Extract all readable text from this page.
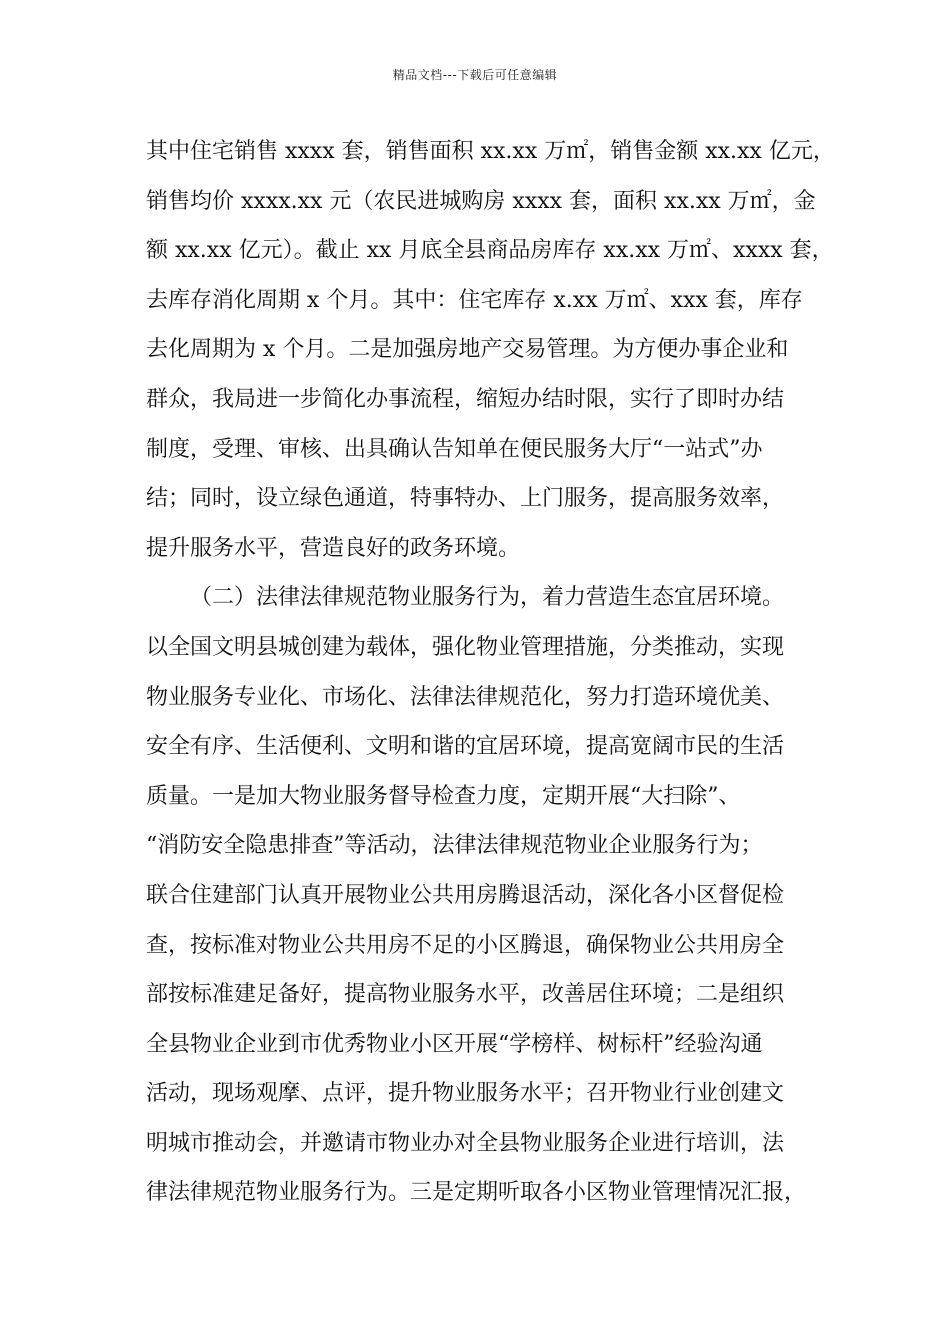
精品文档---下载后可任意编辑
其中住宅销售 xxxx 套，销售面积 xx.xx 万㎡，销售金额 xx.xx 亿元，
销售均价 xxxx.xx 元（农民进城购房 xxxx 套，面积 xx.xx 万㎡，金
额 xx.xx 亿元）。截止 xx 月底全县商品房库存 xx.xx 万㎡、xxxx 套，
去库存消化周期 x 个月。其中：住宅库存 x.xx 万㎡、xxx 套，库存
去化周期为 x 个月。二是加强房地产交易管理。为方便办事企业和
群众，我局进一步简化办事流程，缩短办结时限，实行了即时办结
制度，受理、审核、出具确认告知单在便民服务大厅“一站式”办
结；同时，设立绿色通道，特事特办、上门服务，提高服务效率，
提升服务水平，营造良好的政务环境。
（二）法律法律规范物业服务行为，着力营造生态宜居环境。
以全国文明县城创建为载体，强化物业管理措施，分类推动，实现
物业服务专业化、市场化、法律法律规范化，努力打造环境优美、
安全有序、生活便利、文明和谐的宜居环境，提高宽阔市民的生活
质量。一是加大物业服务督导检查力度，定期开展“大扫除”、
“消防安全隐患排查”等活动，法律法律规范物业企业服务行为；
联合住建部门认真开展物业公共用房腾退活动，深化各小区督促检
查，按标准对物业公共用房不足的小区腾退，确保物业公共用房全
部按标准建足备好，提高物业服务水平，改善居住环境；二是组织
全县物业企业到市优秀物业小区开展“学榜样、树标杆”经验沟通
活动，现场观摩、点评，提升物业服务水平；召开物业行业创建文
明城市推动会，并邀请市物业办对全县物业服务企业进行培训，法
律法律规范物业服务行为。三是定期听取各小区物业管理情况汇报，
